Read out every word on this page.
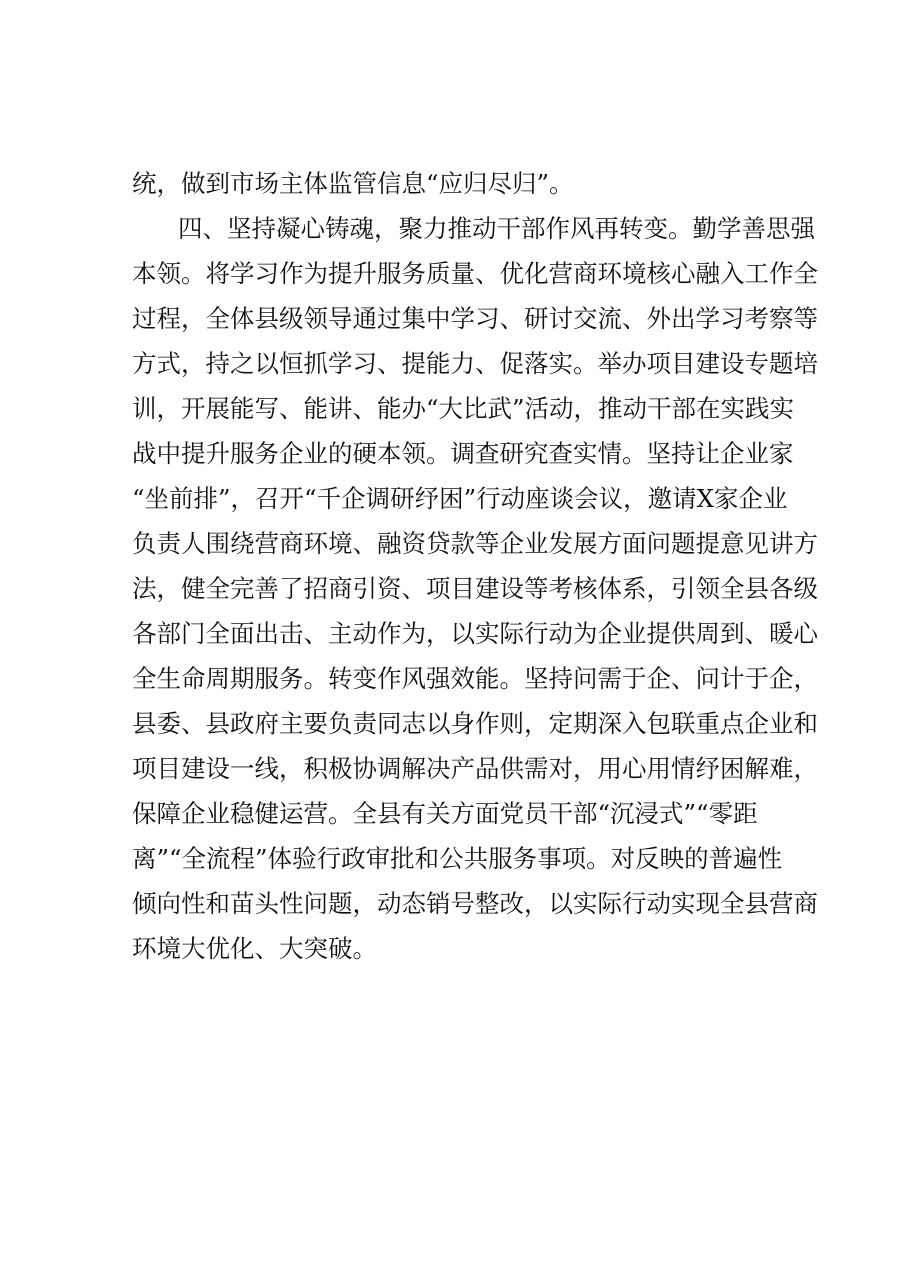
统，做到市场主体监管信息“应归尽归”。
四、坚持凝心铸魂，聚力推动干部作风再转变。勤学善思强
本领。将学习作为提升服务质量、优化营商环境核心融入工作全
过程，全体县级领导通过集中学习、研讨交流、外出学习考察等
方式，持之以恒抓学习、提能力、促落实。举办项目建设专题培
训，开展能写、能讲、能办“大比武”活动，推动干部在实践实
战中提升服务企业的硬本领。调查研究查实情。坚持让企业家
“坐前排”，召开“千企调研纾困”行动座谈会议，邀请X家企业
负责人围绕营商环境、融资贷款等企业发展方面问题提意见讲方
法，健全完善了招商引资、项目建设等考核体系，引领全县各级
各部门全面出击、主动作为，以实际行动为企业提供周到、暖心
全生命周期服务。转变作风强效能。坚持问需于企、问计于企，
县委、县政府主要负责同志以身作则，定期深入包联重点企业和
项目建设一线，积极协调解决产品供需对，用心用情纾困解难，
保障企业稳健运营。全县有关方面党员干部“沉浸式”“零距
离”“全流程”体验行政审批和公共服务事项。对反映的普遍性
倾向性和苗头性问题，动态销号整改，以实际行动实现全县营商
环境大优化、大突破。
